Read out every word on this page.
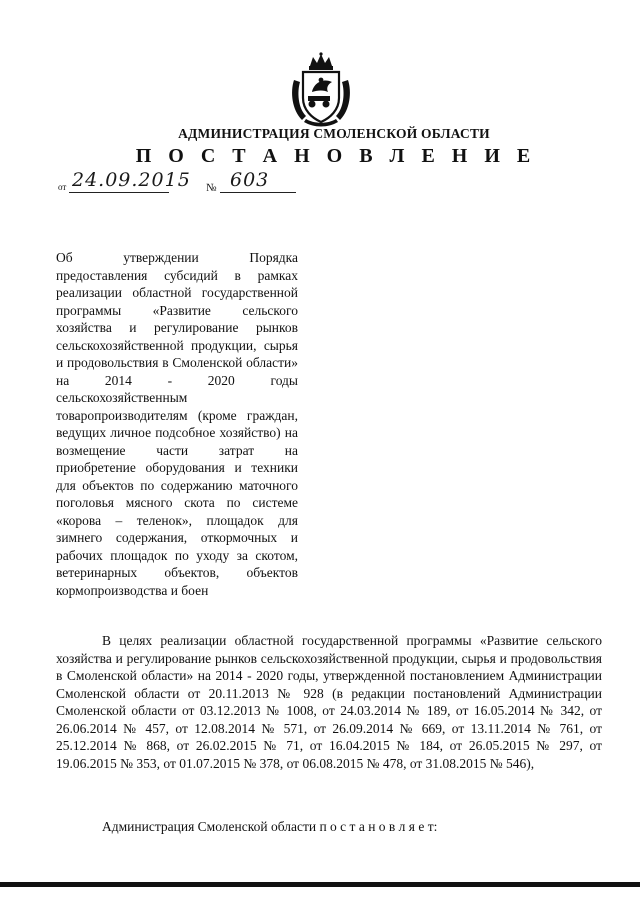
АДМИНИСТРАЦИЯ СМОЛЕНСКОЙ ОБЛАСТИ
П О С Т А Н О В Л Е Н И Е
от 24.09.2015 № 603
Об утверждении Порядка предоставления субсидий в рамках реализации областной государственной программы «Развитие сельского хозяйства и регулирование рынков сельскохозяйственной продукции, сырья и продовольствия в Смоленской области» на 2014 - 2020 годы сельскохозяйственным товаропроизводителям (кроме граждан, ведущих личное подсобное хозяйство) на возмещение части затрат на приобретение оборудования и техники для объектов по содержанию маточного поголовья мясного скота по системе «корова – теленок», площадок для зимнего содержания, откормочных и рабочих площадок по уходу за скотом, ветеринарных объектов, объектов кормопроизводства и боен
В целях реализации областной государственной программы «Развитие сельского хозяйства и регулирование рынков сельскохозяйственной продукции, сырья и продовольствия в Смоленской области» на 2014 - 2020 годы, утвержденной постановлением Администрации Смоленской области от 20.11.2013 № 928 (в редакции постановлений Администрации Смоленской области от 03.12.2013 № 1008, от 24.03.2014 № 189, от 16.05.2014 № 342, от 26.06.2014 № 457, от 12.08.2014 № 571, от 26.09.2014 № 669, от 13.11.2014 № 761, от 25.12.2014 № 868, от 26.02.2015 № 71, от 16.04.2015 № 184, от 26.05.2015 № 297, от 19.06.2015 № 353, от 01.07.2015 № 378, от 06.08.2015 № 478, от 31.08.2015 № 546),
Администрация Смоленской области п о с т а н о в л я е т:
